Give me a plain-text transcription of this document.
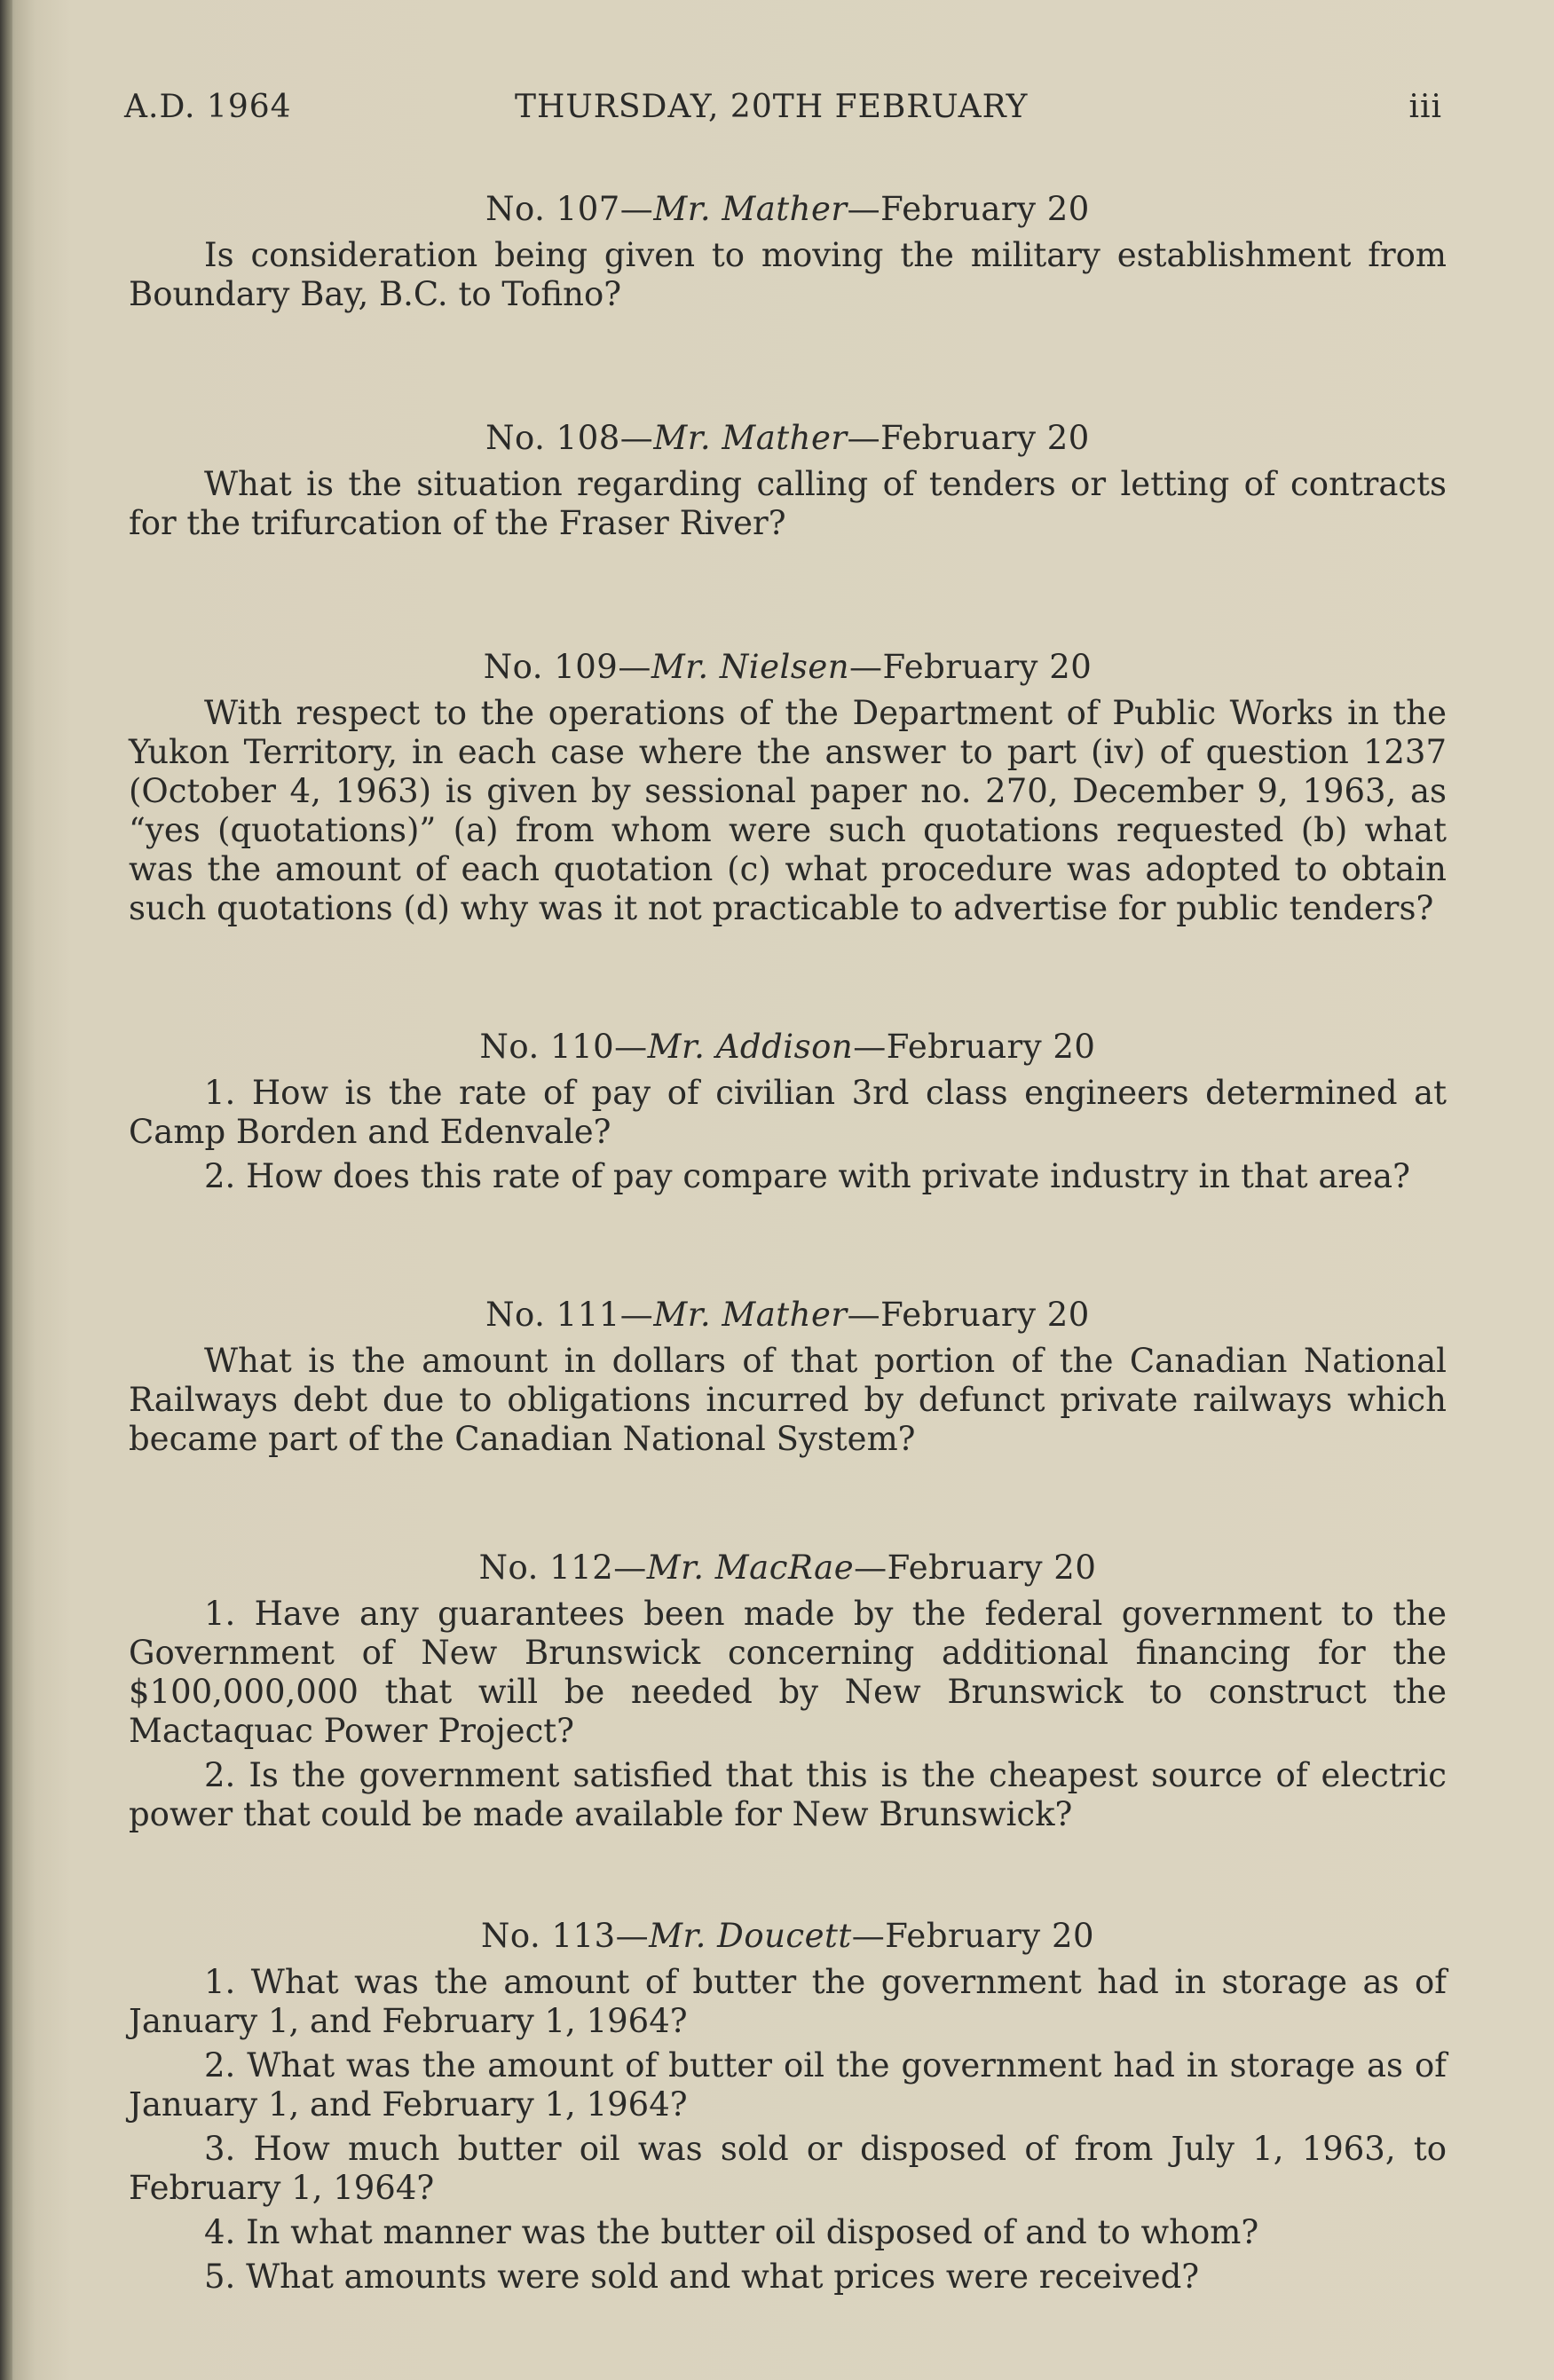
A.D. 1964	THURSDAY, 20TH FEBRUARY	iii
No. 107—Mr. Mather—February 20

Is consideration being given to moving the military establishment from Boundary Bay, B.C. to Tofino?

No. 108—Mr. Mather—February 20

What is the situation regarding calling of tenders or letting of contracts for the trifurcation of the Fraser River?

No. 109—Mr. Nielsen—February 20

With respect to the operations of the Department of Public Works in the Yukon Territory, in each case where the answer to part (iv) of question 1237 (October 4, 1963) is given by sessional paper no. 270, December 9, 1963, as “yes (quotations)” (a) from whom were such quotations requested (b) what was the amount of each quotation (c) what procedure was adopted to obtain such quotations (d) why was it not practicable to advertise for public tenders?

No. 110—Mr. Addison—February 20

1. How is the rate of pay of civilian 3rd class engineers determined at Camp Borden and Edenvale?

2. How does this rate of pay compare with private industry in that area?

No. 111—Mr. Mather—February 20

What is the amount in dollars of that portion of the Canadian National Railways debt due to obligations incurred by defunct private railways which became part of the Canadian National System?

No. 112—Mr. MacRae—February 20

1. Have any guarantees been made by the federal government to the Government of New Brunswick concerning additional financing for the $100,000,000 that will be needed by New Brunswick to construct the Mactaquac Power Project?

2. Is the government satisfied that this is the cheapest source of electric power that could be made available for New Brunswick?

No. 113—Mr. Doucett—February 20

1. What was the amount of butter the government had in storage as of January 1, and February 1, 1964?

2. What was the amount of butter oil the government had in storage as of January 1, and February 1, 1964?

3. How much butter oil was sold or disposed of from July 1, 1963, to February 1, 1964?

4. In what manner was the butter oil disposed of and to whom?

5. What amounts were sold and what prices were received?
